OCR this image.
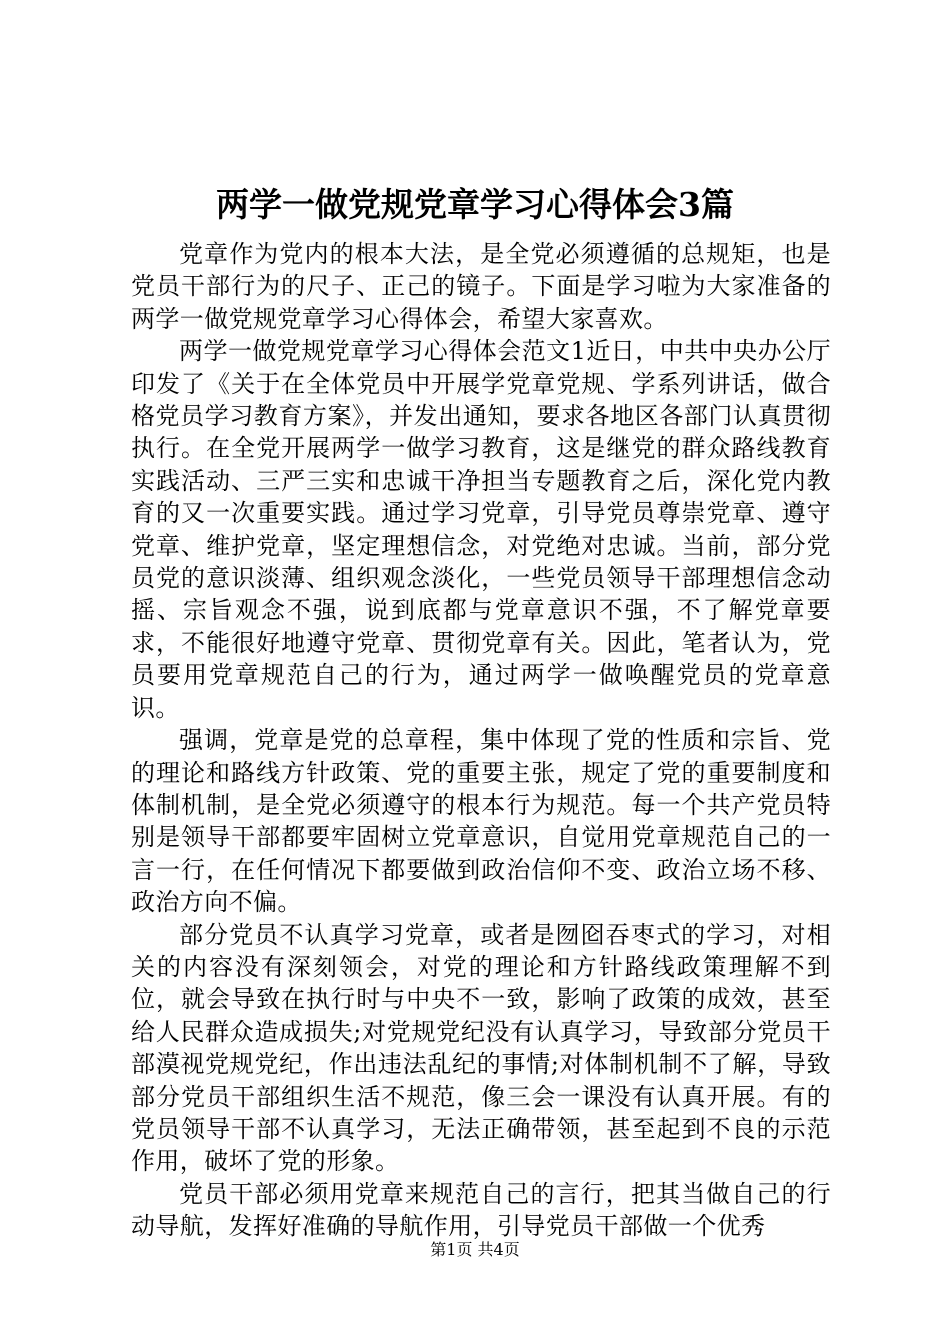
两学一做党规党章学习心得体会3篇

党章作为党内的根本大法，是全党必须遵循的总规矩，也是党员干部行为的尺子、正己的镜子。下面是学习啦为大家准备的两学一做党规党章学习心得体会，希望大家喜欢。

两学一做党规党章学习心得体会范文1近日，中共中央办公厅印发了《关于在全体党员中开展学党章党规、学系列讲话，做合格党员学习教育方案》，并发出通知，要求各地区各部门认真贯彻执行。在全党开展两学一做学习教育，这是继党的群众路线教育实践活动、三严三实和忠诚干净担当专题教育之后，深化党内教育的又一次重要实践。通过学习党章，引导党员尊崇党章、遵守党章、维护党章，坚定理想信念，对党绝对忠诚。当前，部分党员党的意识淡薄、组织观念淡化，一些党员领导干部理想信念动摇、宗旨观念不强，说到底都与党章意识不强，不了解党章要求，不能很好地遵守党章、贯彻党章有关。因此，笔者认为，党员要用党章规范自己的行为，通过两学一做唤醒党员的党章意识。

强调，党章是党的总章程，集中体现了党的性质和宗旨、党的理论和路线方针政策、党的重要主张，规定了党的重要制度和体制机制，是全党必须遵守的根本行为规范。每一个共产党员特别是领导干部都要牢固树立党章意识，自觉用党章规范自己的一言一行，在任何情况下都要做到政治信仰不变、政治立场不移、政治方向不偏。

部分党员不认真学习党章，或者是囫囵吞枣式的学习，对相关的内容没有深刻领会，对党的理论和方针路线政策理解不到位，就会导致在执行时与中央不一致，影响了政策的成效，甚至给人民群众造成损失;对党规党纪没有认真学习，导致部分党员干部漠视党规党纪，作出违法乱纪的事情;对体制机制不了解，导致部分党员干部组织生活不规范，像三会一课没有认真开展。有的党员领导干部不认真学习，无法正确带领，甚至起到不良的示范作用，破坏了党的形象。

党员干部必须用党章来规范自己的言行，把其当做自己的行动导航，发挥好准确的导航作用，引导党员干部做一个优秀

第1页 共4页
